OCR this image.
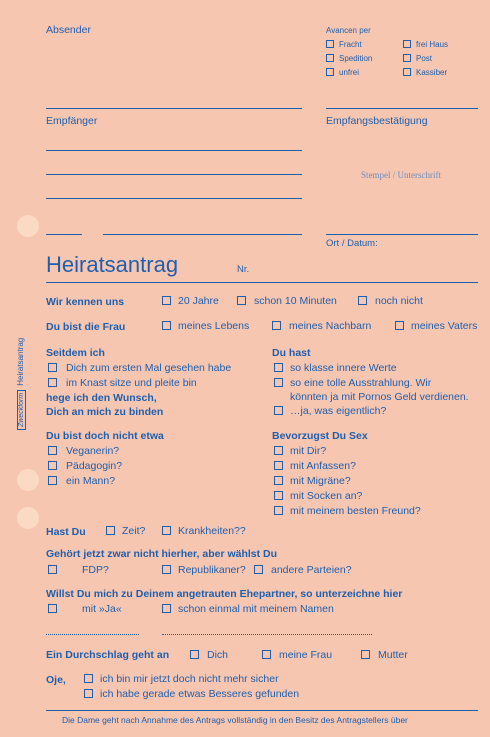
ZweckformHeiratsantrag
Absender	Avancen per
Fracht	frei Haus
Spedition	Post
unfrei	Kassiber
Empfänger	Empfangsbestätigung
Stempel / Unterschrift
Ort / Datum:
Heiratsantrag	Nr.
Wir kennen uns	20 Jahre	schon 10 Minuten	noch nicht
Du bist die Frau	meines Lebens	meines Nachbarn	meines Vaters
Seitdem ich
Dich zum ersten Mal gesehen habe
im Knast sitze und pleite bin
hege ich den Wunsch,
Dich an mich zu binden
Du hast
so klasse innere Werte
so eine tolle Ausstrahlung. Wir
könnten ja mit Pornos Geld verdienen.
…ja, was eigentlich?
Du bist doch nicht etwa
Veganerin?
Pädagogin?
ein Mann?
Bevorzugst Du Sex
mit Dir?
mit Anfassen?
mit Migräne?
mit Socken an?
mit meinem besten Freund?
Hast Du	Zeit?	Krankheiten??
Gehört jetzt zwar nicht hierher, aber wählst Du
FDP?	Republikaner? andere Parteien?
Willst Du mich zu Deinem angetrauten Ehepartner, so unterzeichne hier
mit »Ja«	schon einmal mit meinem Namen
Ein Durchschlag geht an	Dich	meine Frau	Mutter
Oje,	ich bin mir jetzt doch nicht mehr sicher
ich habe gerade etwas Besseres gefunden
Die Dame geht nach Annahme des Antrags vollständig in den Besitz des Antragstellers über
